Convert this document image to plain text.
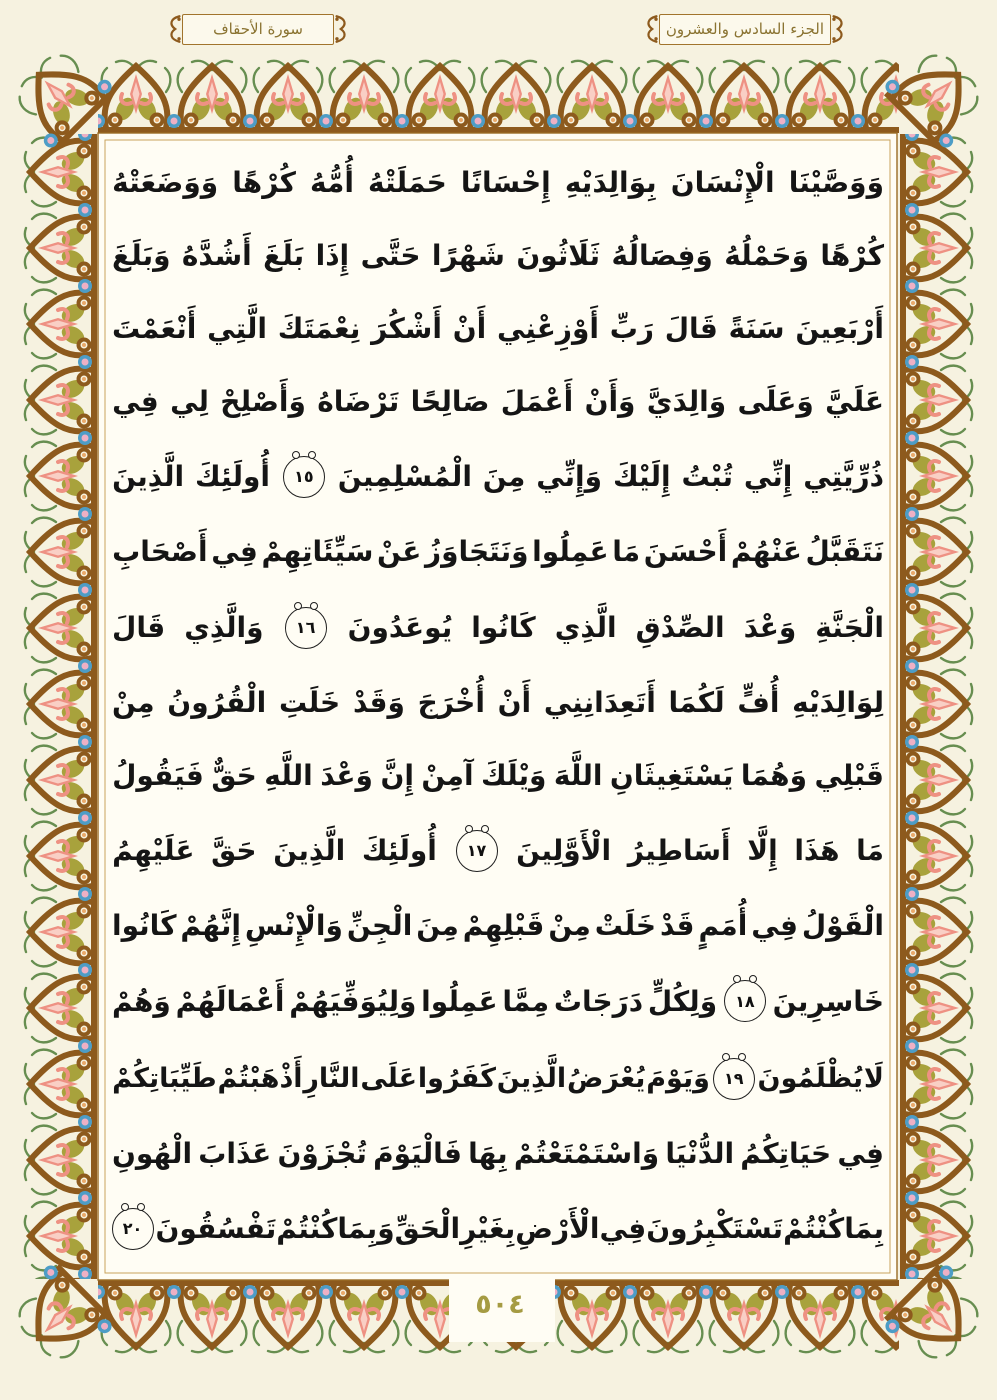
سورة الأحقاف	الجزء السادس والعشرون
وَوَصَّيْنَا
الْإِنْسَانَ
بِوَالِدَيْهِ
إِحْسَانًا
حَمَلَتْهُ
أُمُّهُ
كُرْهًا
وَوَضَعَتْهُ
كُرْهًا
وَحَمْلُهُ
وَفِصَالُهُ
ثَلَاثُونَ
شَهْرًا
حَتَّى
إِذَا
بَلَغَ
أَشُدَّهُ
وَبَلَغَ
أَرْبَعِينَ
سَنَةً
قَالَ
رَبِّ
أَوْزِعْنِي
أَنْ
أَشْكُرَ
نِعْمَتَكَ
الَّتِي
أَنْعَمْتَ
عَلَيَّ
وَعَلَى
وَالِدَيَّ
وَأَنْ
أَعْمَلَ
صَالِحًا
تَرْضَاهُ
وَأَصْلِحْ
لِي
فِي
ذُرِّيَّتِي
إِنِّي
تُبْتُ
إِلَيْكَ
وَإِنِّي
مِنَ
الْمُسْلِمِينَ
١٥
أُولَئِكَ
الَّذِينَ
نَتَقَبَّلُ
عَنْهُمْ
أَحْسَنَ
مَا
عَمِلُوا
وَنَتَجَاوَزُ
عَنْ
سَيِّئَاتِهِمْ
فِي
أَصْحَابِ
الْجَنَّةِ
وَعْدَ
الصِّدْقِ
الَّذِي
كَانُوا
يُوعَدُونَ
١٦
وَالَّذِي
قَالَ
لِوَالِدَيْهِ
أُفٍّ
لَكُمَا
أَتَعِدَانِنِي
أَنْ
أُخْرَجَ
وَقَدْ
خَلَتِ
الْقُرُونُ
مِنْ
قَبْلِي
وَهُمَا
يَسْتَغِيثَانِ
اللَّهَ
وَيْلَكَ
آمِنْ
إِنَّ
وَعْدَ
اللَّهِ
حَقٌّ
فَيَقُولُ
مَا
هَذَا
إِلَّا
أَسَاطِيرُ
الْأَوَّلِينَ
١٧
أُولَئِكَ
الَّذِينَ
حَقَّ
عَلَيْهِمُ
الْقَوْلُ
فِي
أُمَمٍ
قَدْ
خَلَتْ
مِنْ
قَبْلِهِمْ
مِنَ
الْجِنِّ
وَالْإِنْسِ
إِنَّهُمْ
كَانُوا
خَاسِرِينَ
١٨
وَلِكُلٍّ
دَرَجَاتٌ
مِمَّا
عَمِلُوا
وَلِيُوَفِّيَهُمْ
أَعْمَالَهُمْ
وَهُمْ
لَا
يُظْلَمُونَ
١٩
وَيَوْمَ
يُعْرَضُ
الَّذِينَ
كَفَرُوا
عَلَى
النَّارِ
أَذْهَبْتُمْ
طَيِّبَاتِكُمْ
فِي
حَيَاتِكُمُ
الدُّنْيَا
وَاسْتَمْتَعْتُمْ
بِهَا
فَالْيَوْمَ
تُجْزَوْنَ
عَذَابَ
الْهُونِ
بِمَا
كُنْتُمْ
تَسْتَكْبِرُونَ
فِي
الْأَرْضِ
بِغَيْرِ
الْحَقِّ
وَبِمَا
كُنْتُمْ
تَفْسُقُونَ
٢٠
٥٠٤
